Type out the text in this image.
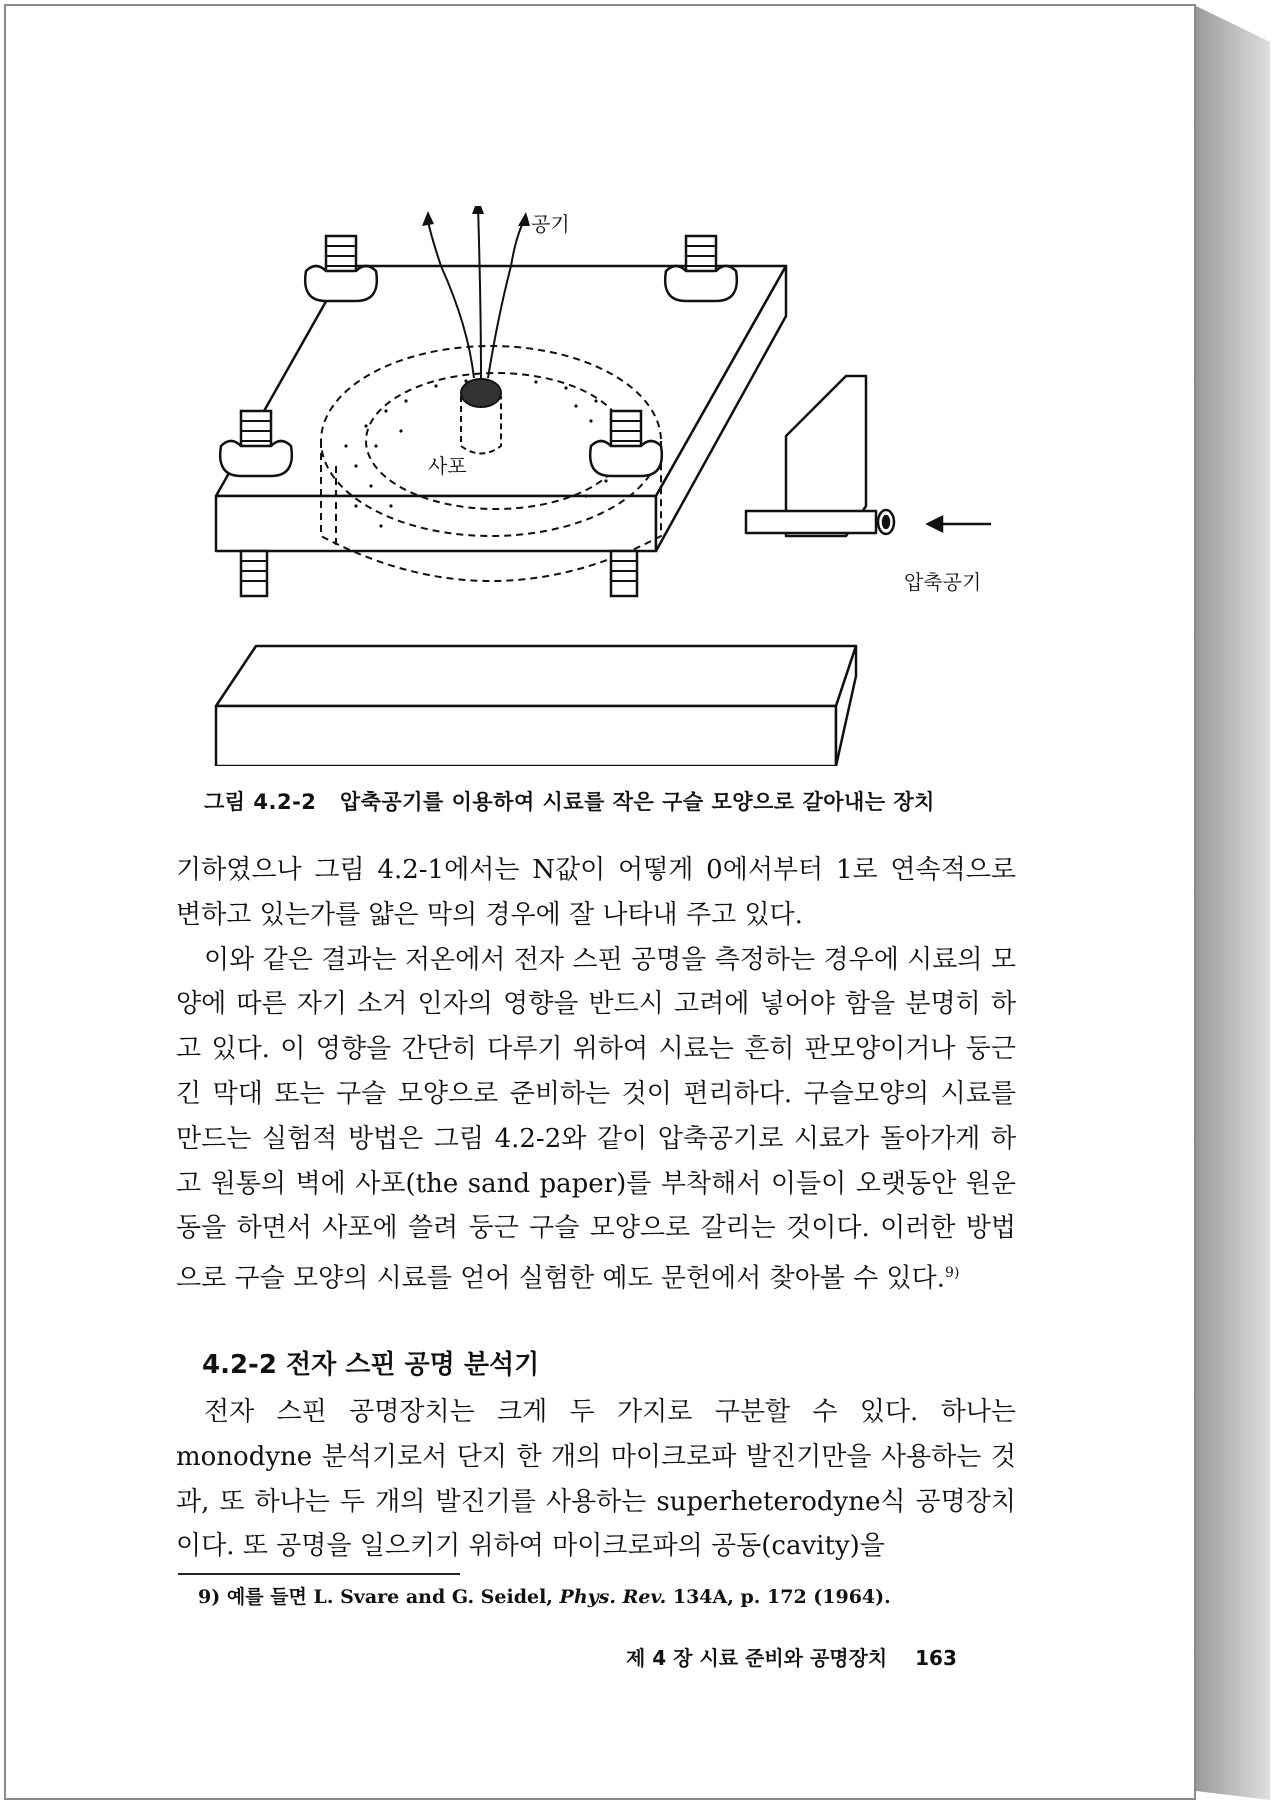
공기
사포
압축공기
그림 4.2-2 압축공기를 이용하여 시료를 작은 구슬 모양으로 갈아내는 장치

기하였으나 그림 4.2-1에서는 N값이 어떻게 0에서부터 1로 연속적으로 변하고 있는가를 얇은 막의 경우에 잘 나타내 주고 있다.

이와 같은 결과는 저온에서 전자 스핀 공명을 측정하는 경우에 시료의 모양에 따른 자기 소거 인자의 영향을 반드시 고려에 넣어야 함을 분명히 하고 있다. 이 영향을 간단히 다루기 위하여 시료는 흔히 판모양이거나 둥근 긴 막대 또는 구슬 모양으로 준비하는 것이 편리하다. 구슬모양의 시료를 만드는 실험적 방법은 그림 4.2-2와 같이 압축공기로 시료가 돌아가게 하고 원통의 벽에 사포(the sand paper)를 부착해서 이들이 오랫동안 원운동을 하면서 사포에 쓸려 둥근 구슬 모양으로 갈리는 것이다. 이러한 방법으로 구슬 모양의 시료를 얻어 실험한 예도 문헌에서 찾아볼 수 있다.$^{9)}$

4.2-2 전자 스핀 공명 분석기

전자 스핀 공명장치는 크게 두 가지로 구분할 수 있다. 하나는 monodyne 분석기로서 단지 한 개의 마이크로파 발진기만을 사용하는 것과, 또 하나는 두 개의 발진기를 사용하는 superheterodyne식 공명장치이다. 또 공명을 일으키기 위하여 마이크로파의 공동(cavity)을

9) 예를 들면 L. Svare and G. Seidel, Phys. Rev. 134A, p. 172 (1964).
제 4 장 시료 준비와 공명장치 163
